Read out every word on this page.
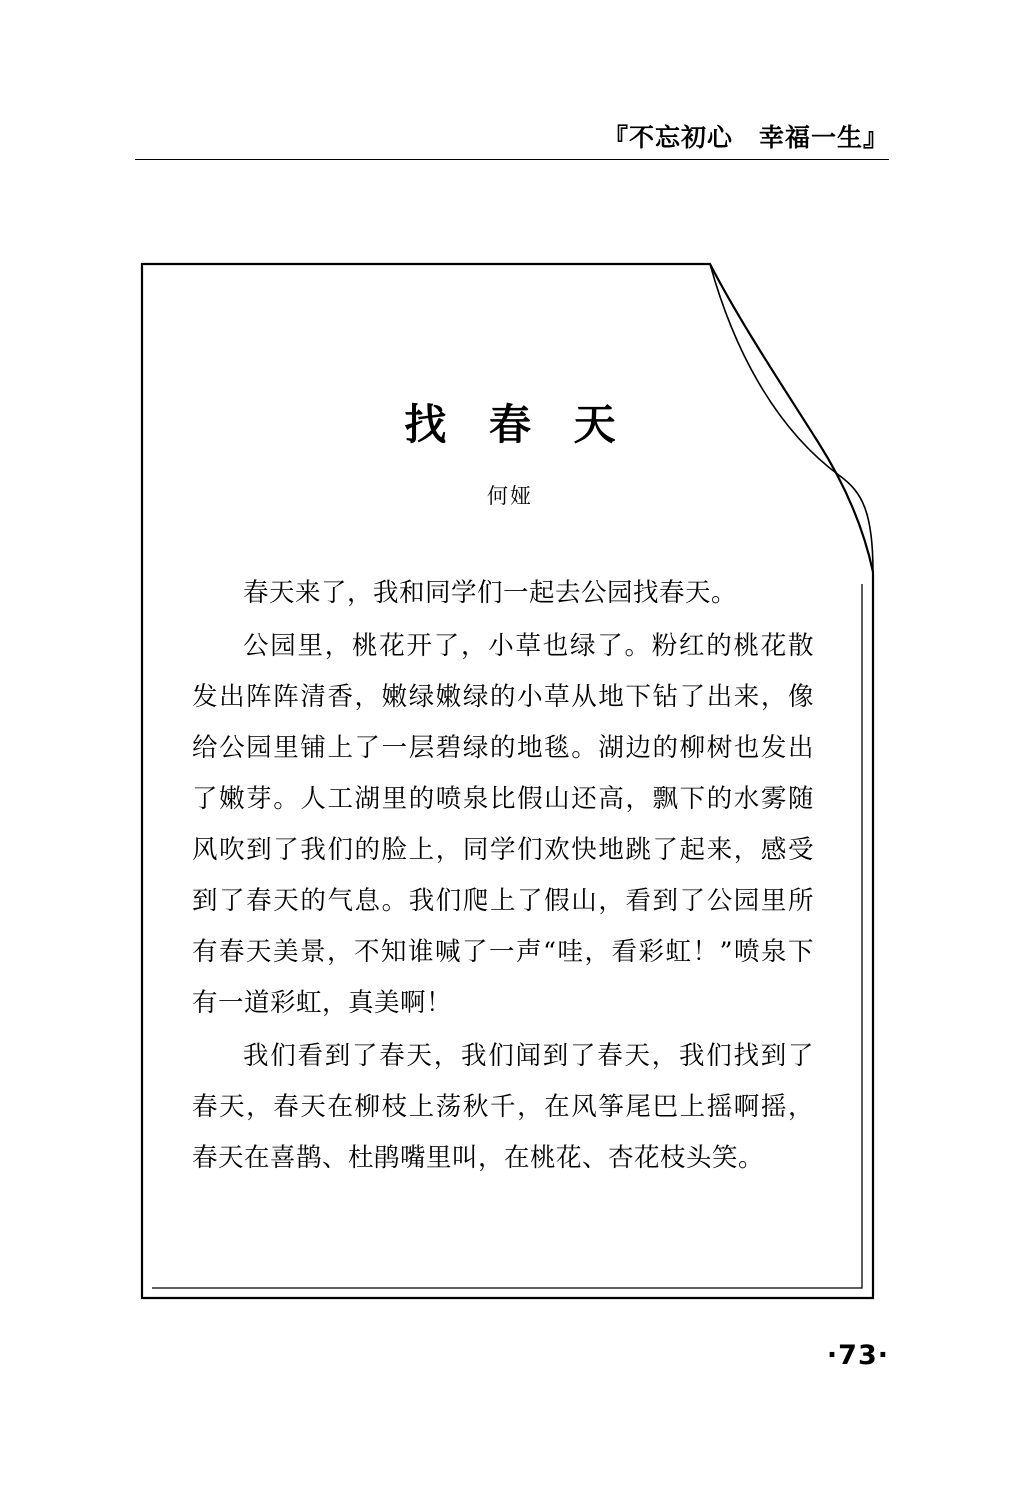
『不忘初心　幸福一生』
找 春 天
何娅

春天来了，我和同学们一起去公园找春天。

公园里，桃花开了，小草也绿了。粉红的桃花散发出阵阵清香，嫩绿嫩绿的小草从地下钻了出来，像给公园里铺上了一层碧绿的地毯。湖边的柳树也发出了嫩芽。人工湖里的喷泉比假山还高，飘下的水雾随风吹到了我们的脸上，同学们欢快地跳了起来，感受到了春天的气息。我们爬上了假山，看到了公园里所有春天美景，不知谁喊了一声“哇，看彩虹！”喷泉下有一道彩虹，真美啊！

我们看到了春天，我们闻到了春天，我们找到了春天，春天在柳枝上荡秋千，在风筝尾巴上摇啊摇，春天在喜鹊、杜鹃嘴里叫，在桃花、杏花枝头笑。

·73·
